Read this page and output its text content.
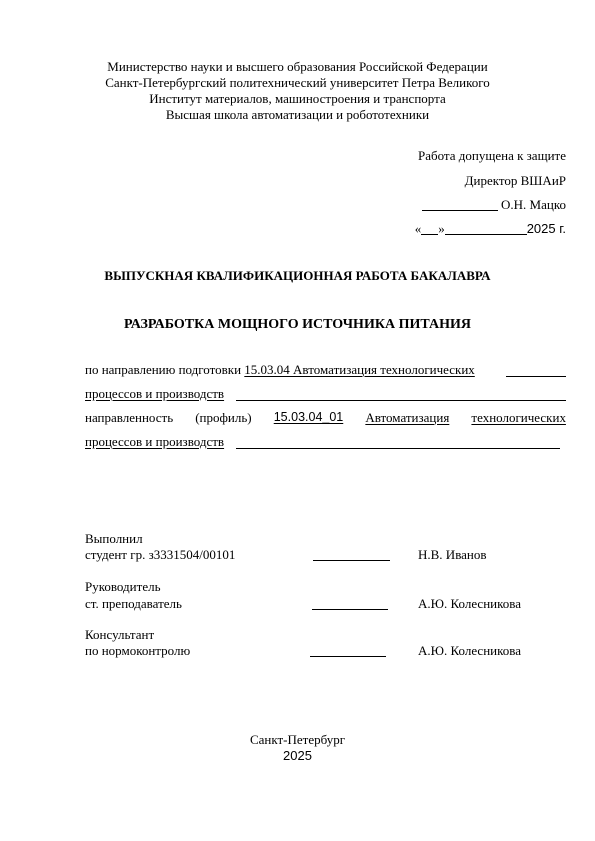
Министерство науки и высшего образования Российской Федерации
Санкт-Петербургский политехнический университет Петра Великого
Институт материалов, машиностроения и транспорта
Высшая школа автоматизации и робототехники
Работа допущена к защите
Директор ВШАиР
О.Н. Мацко
« »	2025 г.
ВЫПУСКНАЯ КВАЛИФИКАЦИОННАЯ РАБОТА БАКАЛАВРА
РАЗРАБОТКА МОЩНОГО ИСТОЧНИКА ПИТАНИЯ
по направлению подготовки 15.03.04 Автоматизация технологических
процессов и производств
направленность (профиль) 15.03.04_01 Автоматизация технологических
процессов и производств
Выполнил
студент гр. з3331504/00101	Н.В. Иванов
Руководитель
ст. преподаватель	А.Ю. Колесникова
Консультант
по нормоконтролю	А.Ю. Колесникова
Санкт-Петербург
2025
